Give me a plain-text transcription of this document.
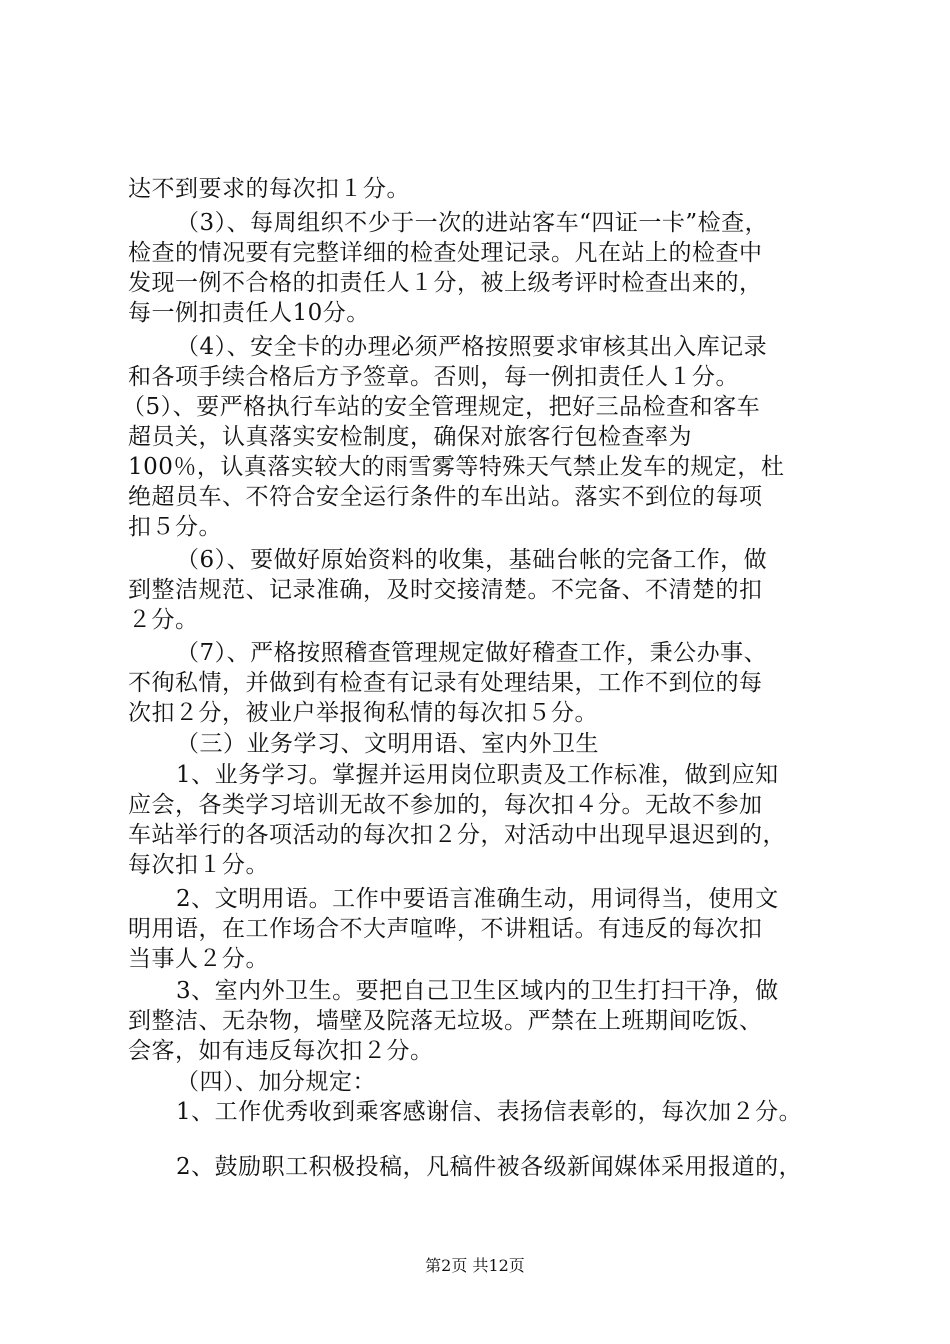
达不到要求的每次扣１分。
（3）、每周组织不少于一次的进站客车“四证一卡”检查，
检查的情况要有完整详细的检查处理记录。凡在站上的检查中
发现一例不合格的扣责任人１分，被上级考评时检查出来的，
每一例扣责任人10分。
（4）、安全卡的办理必须严格按照要求审核其出入库记录
和各项手续合格后方予签章。否则，每一例扣责任人１分。
（5）、要严格执行车站的安全管理规定，把好三品检查和客车
超员关，认真落实安检制度，确保对旅客行包检查率为
100％，认真落实较大的雨雪雾等特殊天气禁止发车的规定，杜
绝超员车、不符合安全运行条件的车出站。落实不到位的每项
扣５分。
（6）、要做好原始资料的收集，基础台帐的完备工作，做
到整洁规范、记录准确，及时交接清楚。不完备、不清楚的扣
２分。
（7）、严格按照稽查管理规定做好稽查工作，秉公办事、
不徇私情，并做到有检查有记录有处理结果，工作不到位的每
次扣２分，被业户举报徇私情的每次扣５分。
（三）业务学习、文明用语、室内外卫生
1、业务学习。掌握并运用岗位职责及工作标准，做到应知
应会，各类学习培训无故不参加的，每次扣４分。无故不参加
车站举行的各项活动的每次扣２分，对活动中出现早退迟到的，
每次扣１分。
2、文明用语。工作中要语言准确生动，用词得当，使用文
明用语，在工作场合不大声喧哗，不讲粗话。有违反的每次扣
当事人２分。
3、室内外卫生。要把自己卫生区域内的卫生打扫干净，做
到整洁、无杂物，墙壁及院落无垃圾。严禁在上班期间吃饭、
会客，如有违反每次扣２分。
（四）、加分规定：
1、工作优秀收到乘客感谢信、表扬信表彰的，每次加２分。
2、鼓励职工积极投稿，凡稿件被各级新闻媒体采用报道的，
第2页 共12页
